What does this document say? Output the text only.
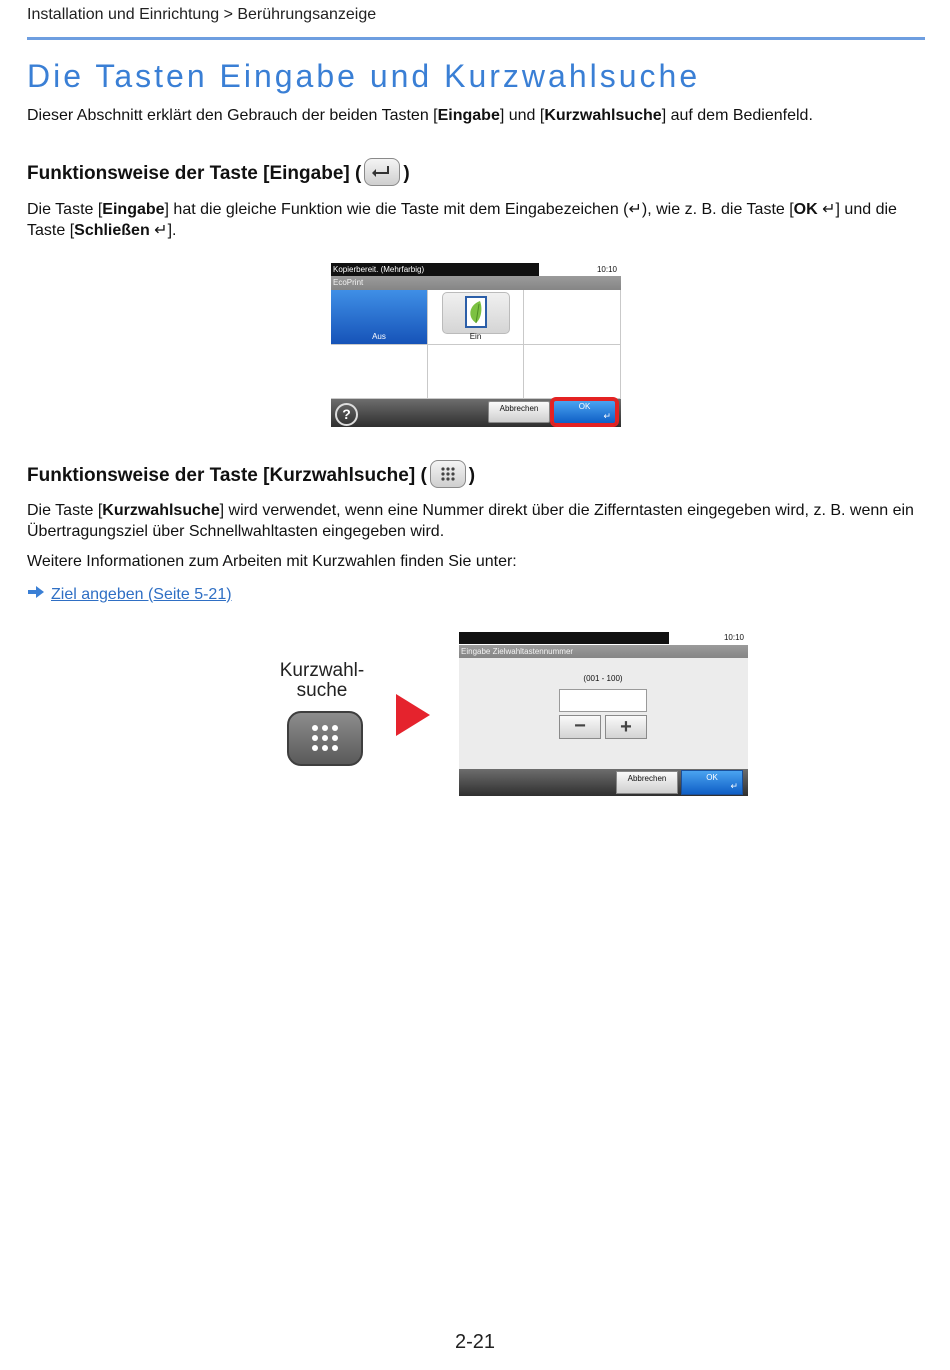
Installation und Einrichtung > Berührungsanzeige
Die Tasten Eingabe und Kurzwahlsuche

Dieser Abschnitt erklärt den Gebrauch der beiden Tasten [Eingabe] und [Kurzwahlsuche] auf dem Bedienfeld.

Funktionsweise der Taste [Eingabe] ( )

Die Taste [Eingabe] hat die gleiche Funktion wie die Taste mit dem Eingabezeichen (↵), wie z. B. die Taste [OK ↵] und die Taste [Schließen ↵].

Kopierbereit. (Mehrfarbig)	10:10
EcoPrint
Aus	Ein
?	Abbrechen	OK
↵
Funktionsweise der Taste [Kurzwahlsuche] ( )

Die Taste [Kurzwahlsuche] wird verwendet, wenn eine Nummer direkt über die Zifferntasten eingegeben wird, z. B. wenn ein Übertragungsziel über Schnellwahltasten eingegeben wird.

Weitere Informationen zum Arbeiten mit Kurzwahlen finden Sie unter:

Ziel angeben (Seite 5-21)
Kurzwahl-
suche
10:10
Eingabe Zielwahltastennummer
(001 - 100)
−	+
Abbrechen	OK
↵
2-21
